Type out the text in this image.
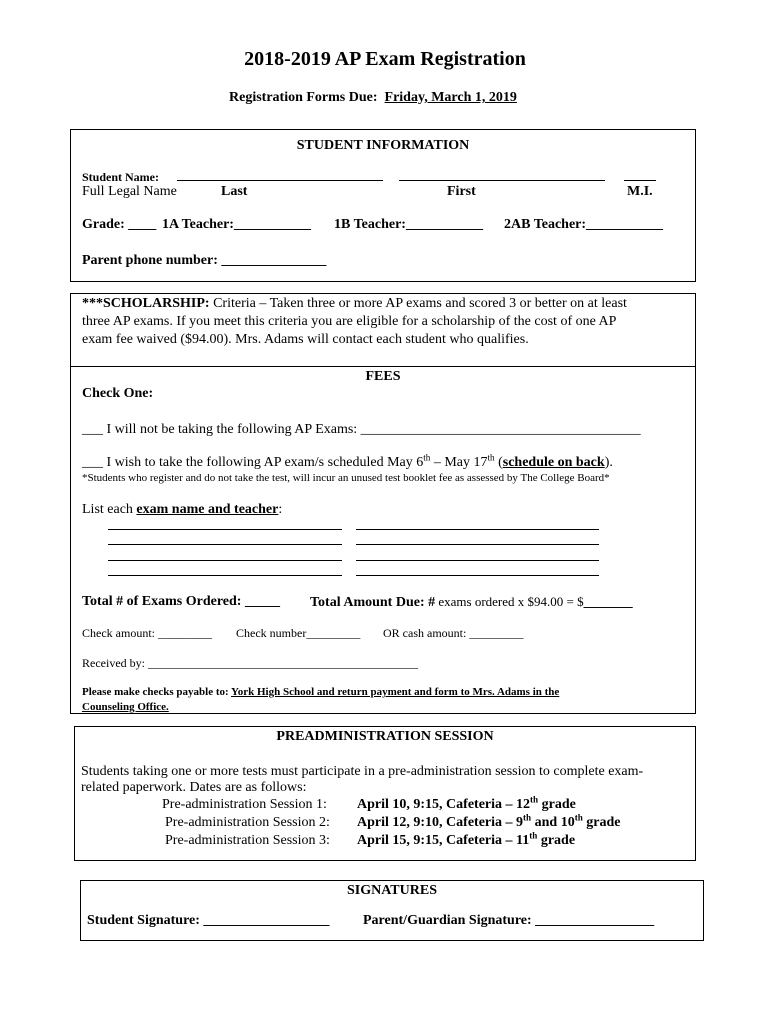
2018-2019 AP Exam Registration
Registration Forms Due: Friday, March 1, 2019
STUDENT INFORMATION
Student Name:
Full Legal Name	Last	First	M.I.
Grade: ____ 1A Teacher:___________ 1B Teacher:___________ 2AB Teacher:___________
Parent phone number: _______________
***SCHOLARSHIP: Criteria – Taken three or more AP exams and scored 3 or better on at least
three AP exams. If you meet this criteria you are eligible for a scholarship of the cost of one AP
exam fee waived ($94.00). Mrs. Adams will contact each student who qualifies.
FEES
Check One:
___ I will not be taking the following AP Exams: ________________________________________
___ I wish to take the following AP exam/s scheduled May 6th – May 17th (schedule on back).
*Students who register and do not take the test, will incur an unused test booklet fee as assessed by The College Board*
List each exam name and teacher:
Total # of Exams Ordered: _____ Total Amount Due: # exams ordered x $94.00 = $_______
Check amount: _________ Check number_________ OR cash amount: _________
Received by: _____________________________________________
Please make checks payable to: York High School and return payment and form to Mrs. Adams in the
Counseling Office.
PREADMINISTRATION SESSION
Students taking one or more tests must participate in a pre-administration session to complete exam-
related paperwork. Dates are as follows:
Pre-administration Session 1: April 10, 9:15, Cafeteria – 12th grade
Pre-administration Session 2: April 12, 9:10, Cafeteria – 9th and 10th grade
Pre-administration Session 3: April 15, 9:15, Cafeteria – 11th grade
SIGNATURES
Student Signature: __________________ Parent/Guardian Signature: _________________
